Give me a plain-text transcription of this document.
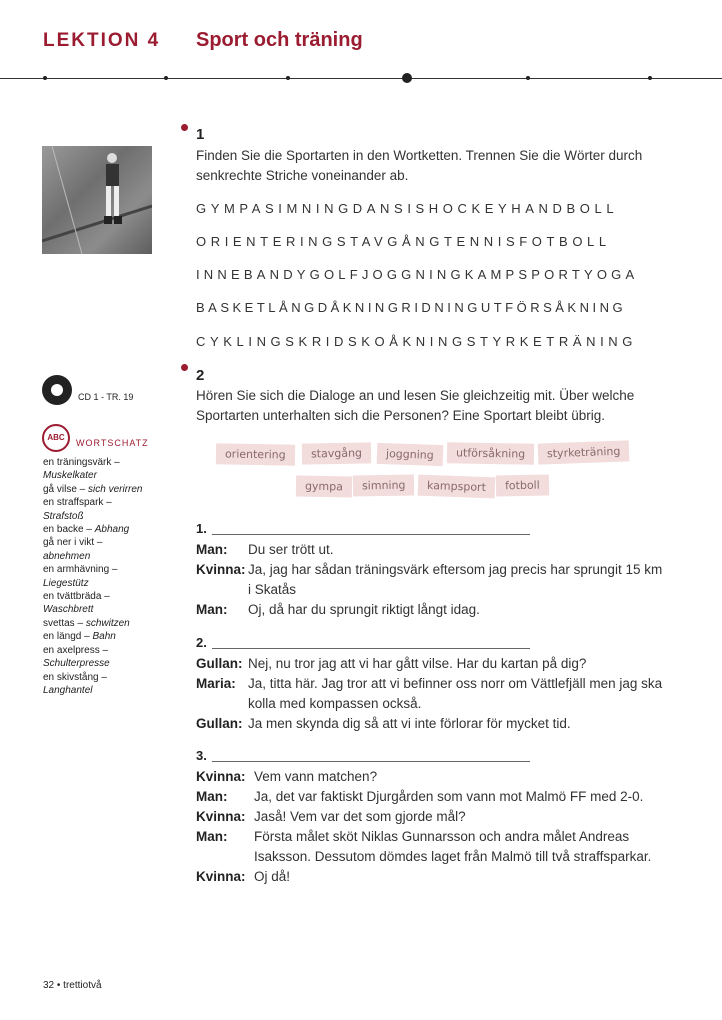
LEKTION 4 Sport och träning
1
Finden Sie die Sportarten in den Wortketten. Trennen Sie die Wörter durch senkrechte Striche voneinander ab.
GYMPASIMNINGDANSISHOCKEYHANDBOLL
ORIENTERINGSTAVGÅNGTENNISFOTBOLL
INNEBANDYGOLFJOGGNINGKAMPSPORTYOGA
BASKETLÅNGDÅKNINGRIDNINGUTFÖRSÅKNING
CYKLINGSKRIDSKOÅKNINGSTYRKETRÄNING
CD 1 - TR. 19
ABC
WORTSCHATZ
en träningsvärk –
Muskelkater
gå vilse – sich verirren
en straffspark –
Strafstoß
en backe – Abhang
gå ner i vikt –
abnehmen
en armhävning –
Liegestütz
en tvättbräda –
Waschbrett
svettas – schwitzen
en längd – Bahn
en axelpress –
Schulterpresse
en skivstång –
Langhantel
2
Hören Sie sich die Dialoge an und lesen Sie gleichzeitig mit. Über welche Sportarten unterhalten sich die Personen? Eine Sportart bleibt übrig.
orientering	stavgång	joggning	utförsåkning	styrketräning
gympa	simning	kampsport	fotboll
1.
Man:	Du ser trött ut.
Kvinna: Ja, jag har sådan träningsvärk eftersom jag precis har sprungit 15 km i Skatås
Man:	Oj, då har du sprungit riktigt långt idag.
2.
Gullan: Nej, nu tror jag att vi har gått vilse. Har du kartan på dig?
Maria: Ja, titta här. Jag tror att vi befinner oss norr om Vättlefjäll men jag ska kolla med kompassen också.
Gullan: Ja men skynda dig så att vi inte förlorar för mycket tid.
3.
Kvinna: Vem vann matchen?
Man:	Ja, det var faktiskt Djurgården som vann mot Malmö FF med 2-0.
Kvinna: Jaså! Vem var det som gjorde mål?
Man:	Första målet sköt Niklas Gunnarsson och andra målet Andreas Isaksson. Dessutom dömdes laget från Malmö till två straffsparkar.
Kvinna: Oj då!
32 • trettiotvå
